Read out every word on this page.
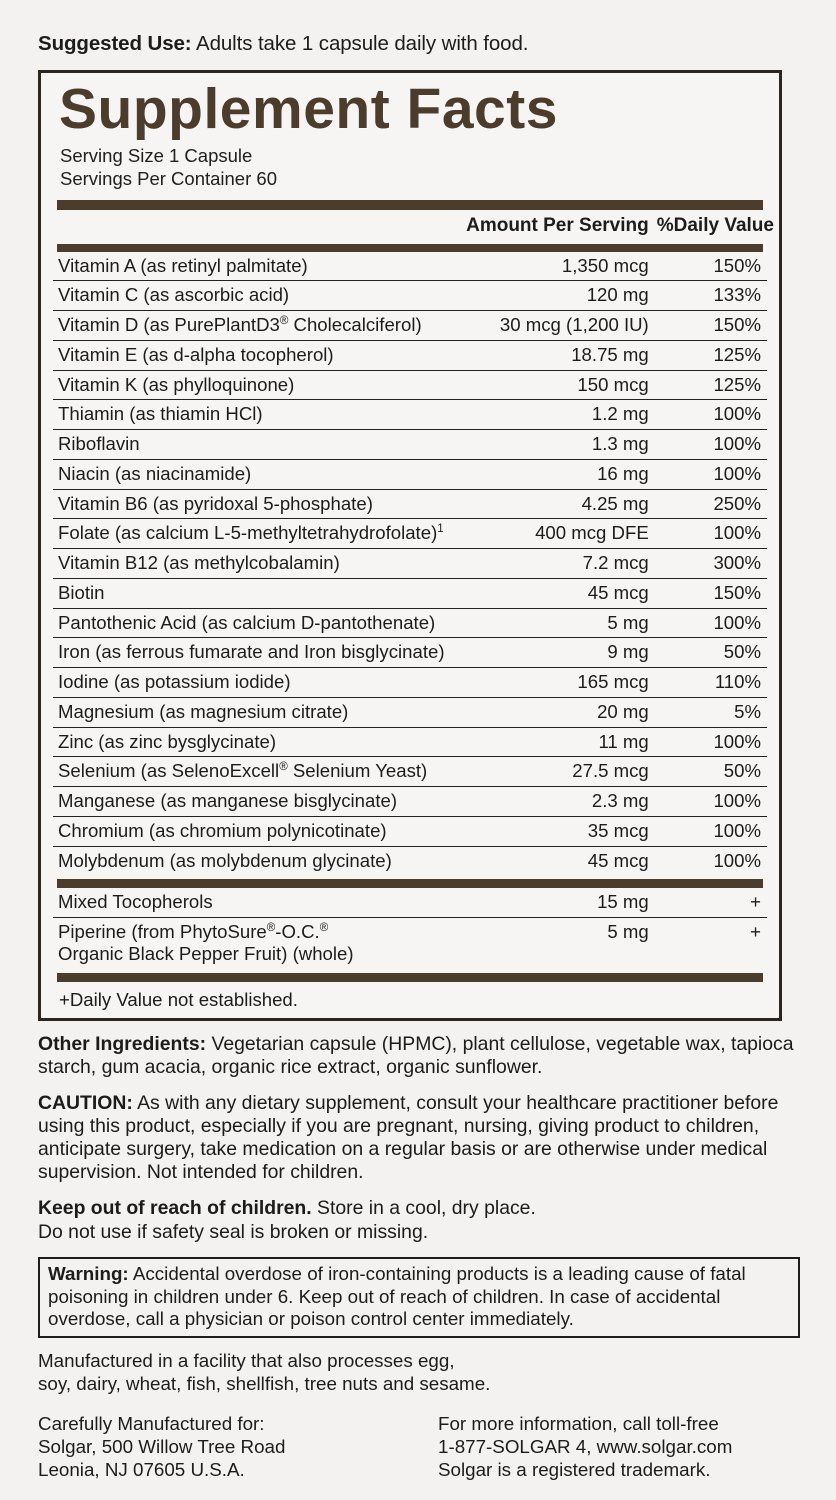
Suggested Use: Adults take 1 capsule daily with food.
Supplement Facts
Serving Size 1 Capsule
Servings Per Container 60
	Amount Per Serving	%Daily Value
Vitamin A (as retinyl palmitate)	1,350 mcg	150%
Vitamin C (as ascorbic acid)	120 mg	133%
Vitamin D (as PurePlantD3® Cholecalciferol)	30 mcg (1,200 IU)	150%
Vitamin E (as d-alpha tocopherol)	18.75 mg	125%
Vitamin K (as phylloquinone)	150 mcg	125%
Thiamin (as thiamin HCl)	1.2 mg	100%
Riboflavin	1.3 mg	100%
Niacin (as niacinamide)	16 mg	100%
Vitamin B6 (as pyridoxal 5-phosphate)	4.25 mg	250%
Folate (as calcium L-5-methyltetrahydrofolate)$^1$	400 mcg DFE	100%
Vitamin B12 (as methylcobalamin)	7.2 mcg	300%
Biotin	45 mcg	150%
Pantothenic Acid (as calcium D-pantothenate)	5 mg	100%
Iron (as ferrous fumarate and Iron bisglycinate)	9 mg	50%
Iodine (as potassium iodide)	165 mcg	110%
Magnesium (as magnesium citrate)	20 mg	5%
Zinc (as zinc bysglycinate)	11 mg	100%
Selenium (as SelenoExcell® Selenium Yeast)	27.5 mcg	50%
Manganese (as manganese bisglycinate)	2.3 mg	100%
Chromium (as chromium polynicotinate)	35 mcg	100%
Molybdenum (as molybdenum glycinate)	45 mcg	100%
Mixed Tocopherols	15 mg	+
Piperine (from PhytoSure®-O.C.®
Organic Black Pepper Fruit) (whole)	5 mg	+
+Daily Value not established.
Other Ingredients: Vegetarian capsule (HPMC), plant cellulose, vegetable wax, tapioca starch, gum acacia, organic rice extract, organic sunflower.
CAUTION: As with any dietary supplement, consult your healthcare practitioner before using this product, especially if you are pregnant, nursing, giving product to children, anticipate surgery, take medication on a regular basis or are otherwise under medical supervision. Not intended for children.
Keep out of reach of children. Store in a cool, dry place.
Do not use if safety seal is broken or missing.
Warning: Accidental overdose of iron-containing products is a leading cause of fatal poisoning in children under 6. Keep out of reach of children. In case of accidental overdose, call a physician or poison control center immediately.
Manufactured in a facility that also processes egg,
soy, dairy, wheat, fish, shellfish, tree nuts and sesame.
Carefully Manufactured for:
Solgar, 500 Willow Tree Road
Leonia, NJ 07605 U.S.A.
For more information, call toll-free
1-877-SOLGAR 4, www.solgar.com
Solgar is a registered trademark.
